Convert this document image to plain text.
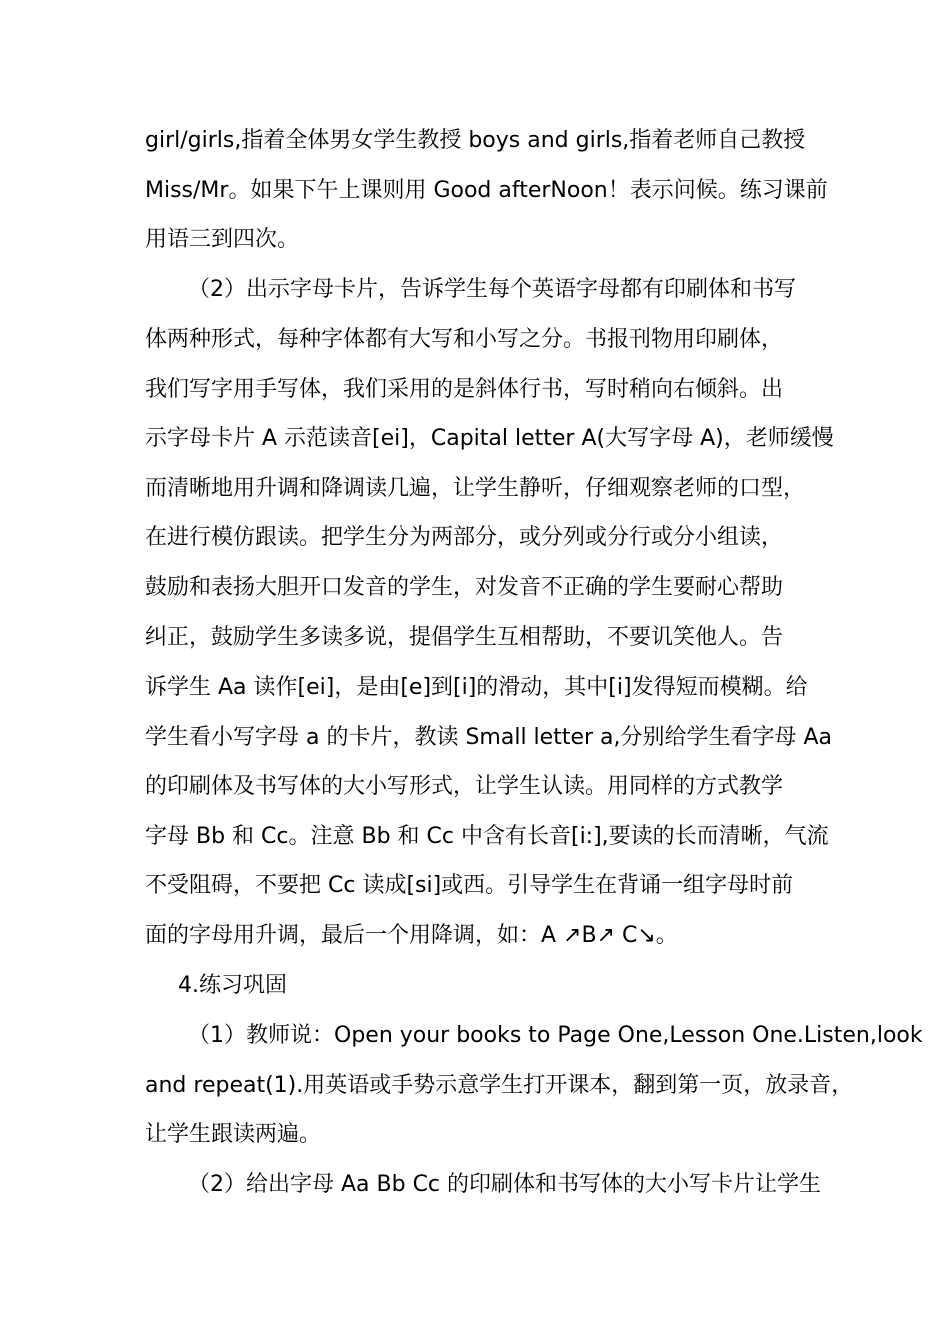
girl/girls,指着全体男女学生教授 boys and girls,指着老师自己教授
Miss/Mr。如果下午上课则用 Good afterNoon！表示问候。练习课前
用语三到四次。
（2）出示字母卡片，告诉学生每个英语字母都有印刷体和书写
体两种形式，每种字体都有大写和小写之分。书报刊物用印刷体，
我们写字用手写体，我们采用的是斜体行书，写时稍向右倾斜。出
示字母卡片 A 示范读音[ei]，Capital letter A(大写字母 A)，老师缓慢
而清晰地用升调和降调读几遍，让学生静听，仔细观察老师的口型，
在进行模仿跟读。把学生分为两部分，或分列或分行或分小组读，
鼓励和表扬大胆开口发音的学生，对发音不正确的学生要耐心帮助
纠正，鼓励学生多读多说，提倡学生互相帮助，不要讥笑他人。告
诉学生 Aa 读作[ei]，是由[e]到[i]的滑动，其中[i]发得短而模糊。给
学生看小写字母 a 的卡片，教读 Small letter a,分别给学生看字母 Aa
的印刷体及书写体的大小写形式，让学生认读。用同样的方式教学
字母 Bb 和 Cc。注意 Bb 和 Cc 中含有长音[i:],要读的长而清晰，气流
不受阻碍，不要把 Cc 读成[si]或西。引导学生在背诵一组字母时前
面的字母用升调，最后一个用降调，如：A ↗B↗ C↘。
4.练习巩固
（1）教师说：Open your books to Page One,Lesson One.Listen,look
and repeat(1).用英语或手势示意学生打开课本，翻到第一页，放录音，
让学生跟读两遍。
（2）给出字母 Aa Bb Cc 的印刷体和书写体的大小写卡片让学生
